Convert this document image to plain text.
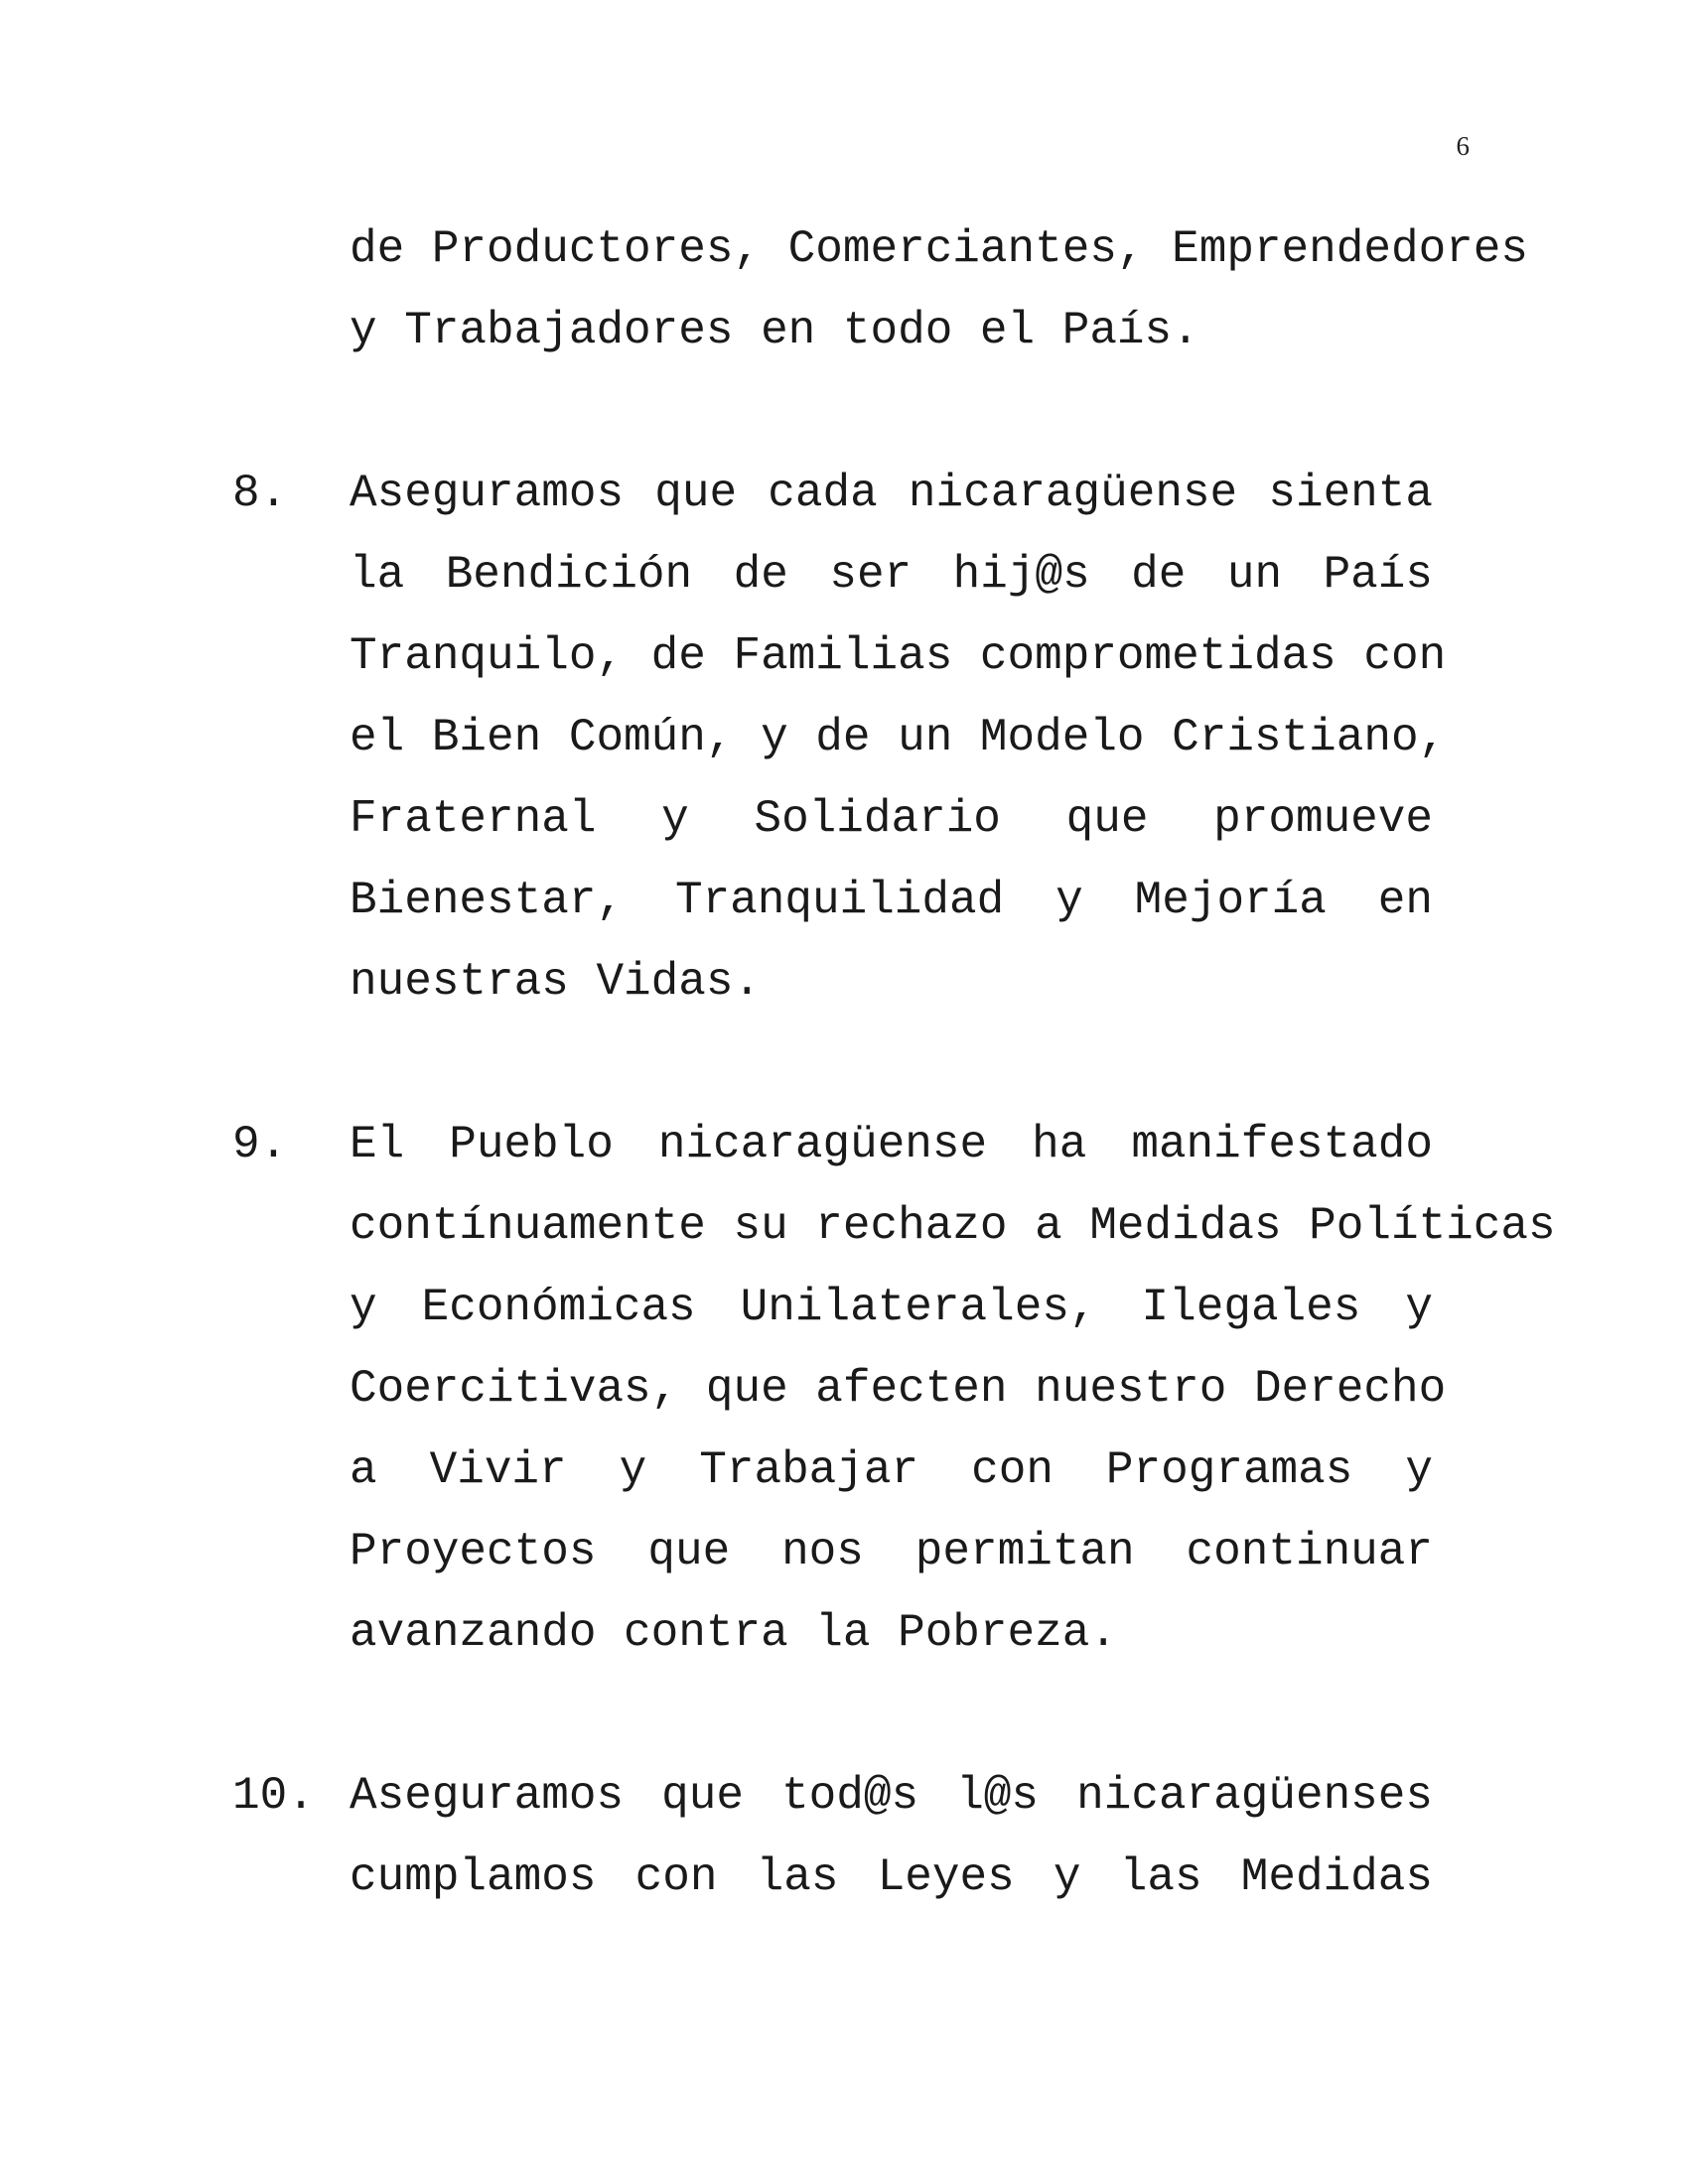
6
de Productores, Comerciantes, Emprendedores
y Trabajadores en todo el País.
8. Aseguramos que cada nicaragüense sienta
la Bendición de ser hij@s de un País
Tranquilo, de Familias comprometidas con
el Bien Común, y de un Modelo Cristiano,
Fraternal y Solidario que promueve
Bienestar, Tranquilidad y Mejoría en
nuestras Vidas.
9. El Pueblo nicaragüense ha manifestado
contínuamente su rechazo a Medidas Políticas
y Económicas Unilaterales, Ilegales y
Coercitivas, que afecten nuestro Derecho
a Vivir y Trabajar con Programas y
Proyectos que nos permitan continuar
avanzando contra la Pobreza.
10. Aseguramos que tod@s l@s nicaragüenses
cumplamos con las Leyes y las Medidas
